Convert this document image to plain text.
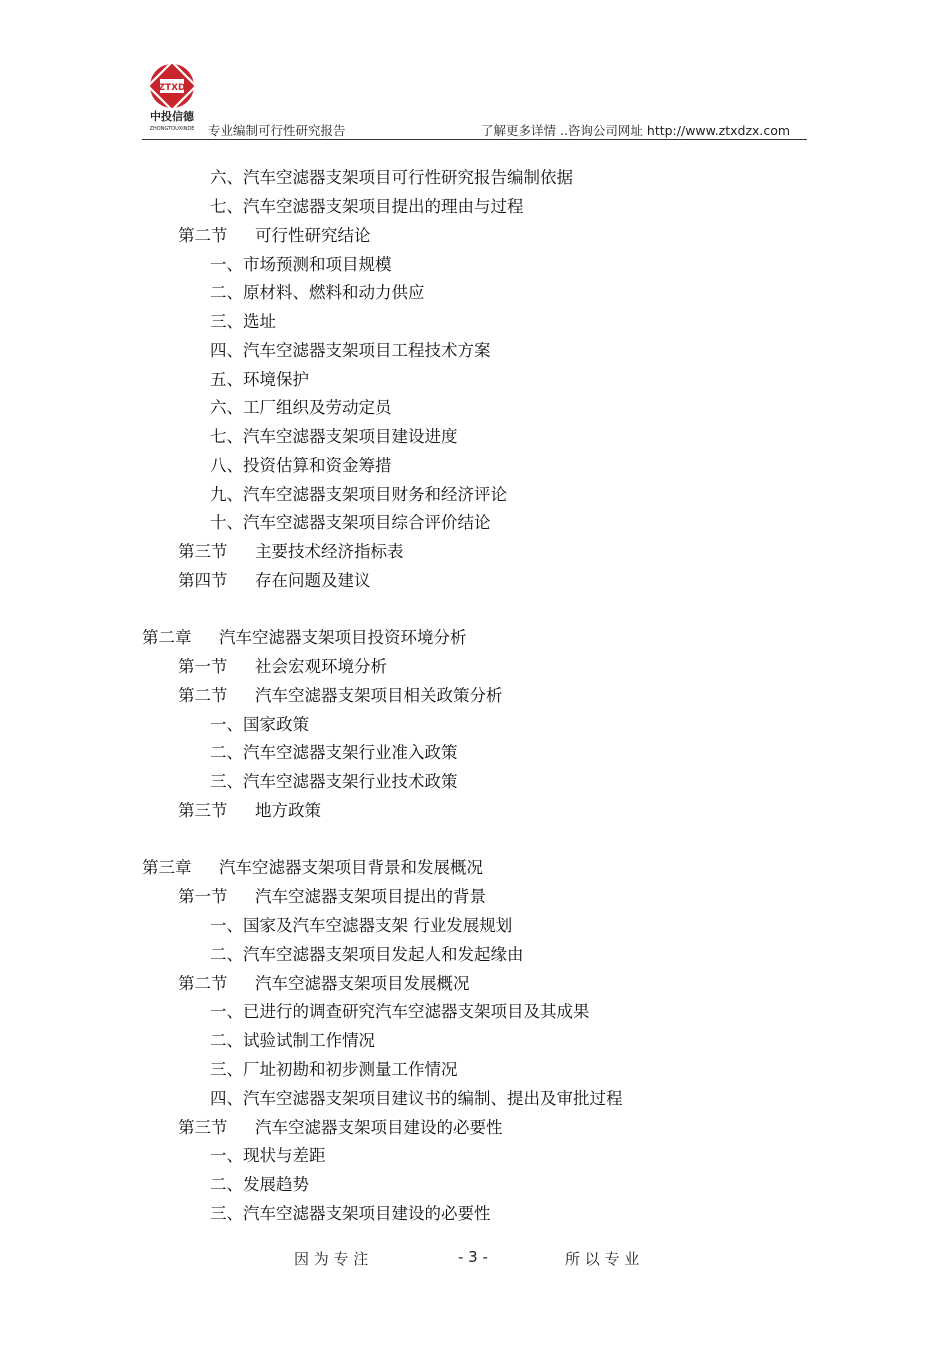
ZTXD
中投信德
ZHONGTOUXINDE 专业编制可行性研究报告	了解更多详情 ..咨询公司网址 http://www.ztxdzx.com
六、汽车空滤器支架项目可行性研究报告编制依据
七、汽车空滤器支架项目提出的理由与过程
第二节 可行性研究结论
一、市场预测和项目规模
二、原材料、燃料和动力供应
三、选址
四、汽车空滤器支架项目工程技术方案
五、环境保护
六、工厂组织及劳动定员
七、汽车空滤器支架项目建设进度
八、投资估算和资金筹措
九、汽车空滤器支架项目财务和经济评论
十、汽车空滤器支架项目综合评价结论
第三节 主要技术经济指标表
第四节 存在问题及建议
第二章 汽车空滤器支架项目投资环境分析
第一节 社会宏观环境分析
第二节 汽车空滤器支架项目相关政策分析
一、国家政策
二、汽车空滤器支架行业准入政策
三、汽车空滤器支架行业技术政策
第三节 地方政策
第三章 汽车空滤器支架项目背景和发展概况
第一节 汽车空滤器支架项目提出的背景
一、国家及汽车空滤器支架 行业发展规划
二、汽车空滤器支架项目发起人和发起缘由
第二节 汽车空滤器支架项目发展概况
一、已进行的调查研究汽车空滤器支架项目及其成果
二、试验试制工作情况
三、厂址初勘和初步测量工作情况
四、汽车空滤器支架项目建议书的编制、提出及审批过程
第三节 汽车空滤器支架项目建设的必要性
一、现状与差距
二、发展趋势
三、汽车空滤器支架项目建设的必要性
因 为 专 注	- 3 -	所 以 专 业
